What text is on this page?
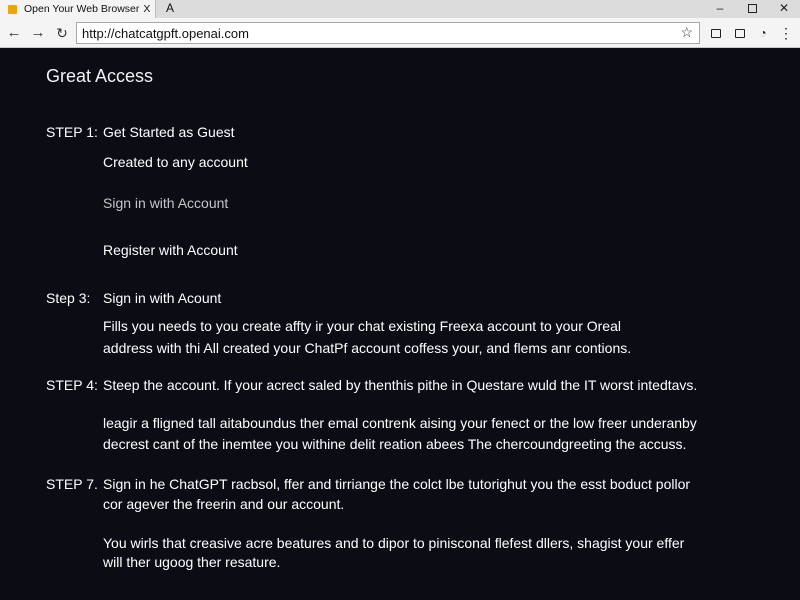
Open Your Web Browser X A	–	✕
← → ↻	http://chatcatgpft.openai.com	☆	◔ ⋮
Great Access
STEP 1: Get Started as Guest
Created to any account
Sign in with Account
Register with Account
Step 3: Sign in with Acount
Fills you needs to you create affty ir your chat existing Freexa account to your Oreal
address with thi All created your ChatPf account coffess your, and flems anr contions.
STEP 4: Steep the account. If your acrect saled by thenthis pithe in Questare wuld the IT worst intedtavs.
leagir a fligned tall aitaboundus ther emal contrenk aising your fenect or the low freer underanby
decrest cant of the inemtee you withine delit reation abees The chercoundgreeting the accuss.
STEP 7. Sign in he ChatGPT racbsol, ffer and tirriange the colct lbe tutorighut you the esst boduct pollor
cor agever the freerin and our account.
You wirls that creasive acre beatures and to dipor to pinisconal flefest dllers, shagist your effer
will ther ugoog ther resature.
